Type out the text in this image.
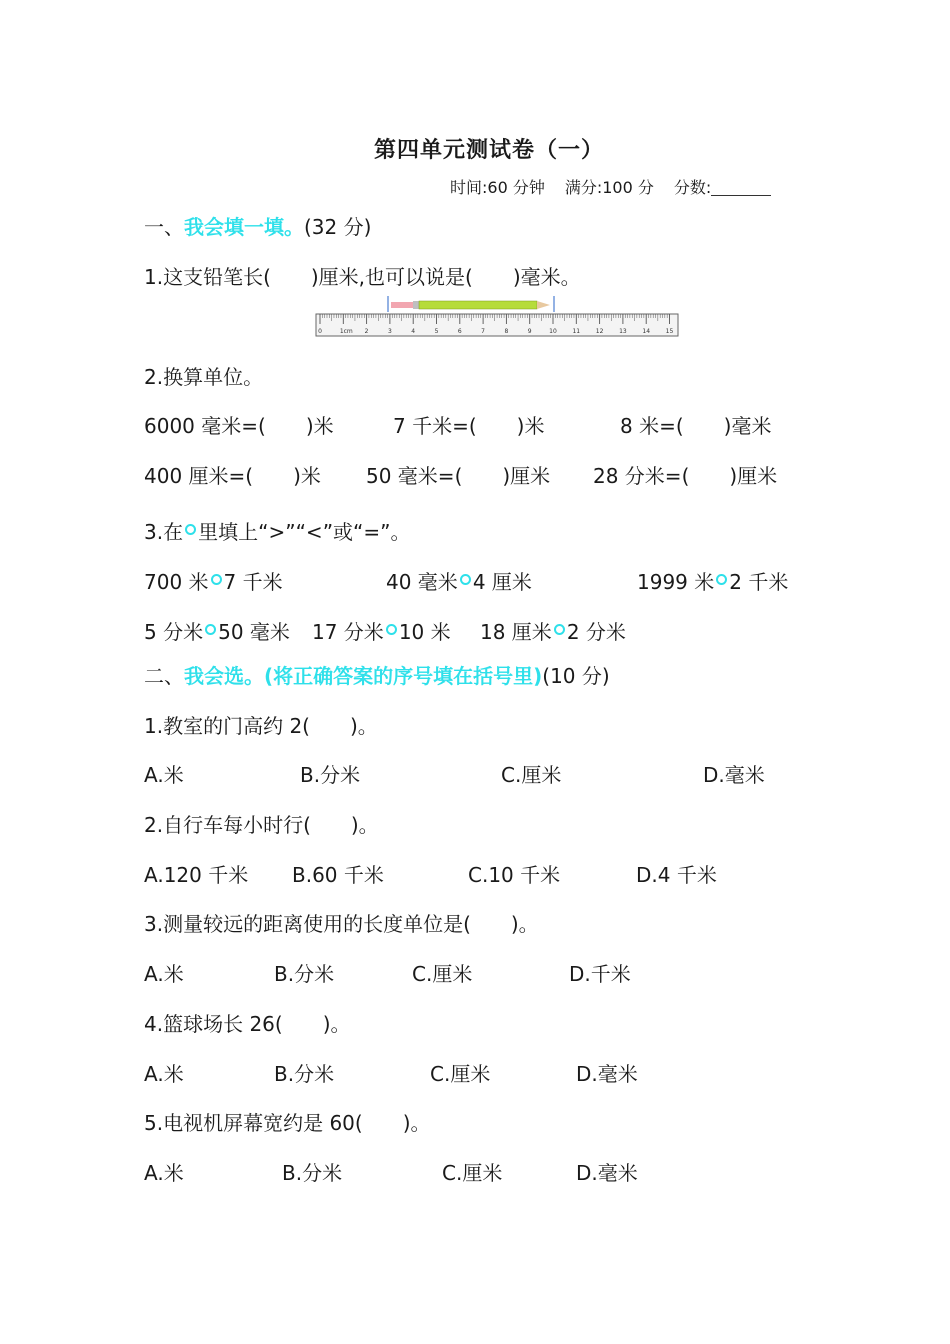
第四单元测试卷（一）
时间:60 分钟 满分:100 分 分数:
一、我会填一填。(32 分)
1.这支铅笔长(　　)厘米,也可以说是(　　)毫米。
0	1cm 2	3	4	5	6	7	8	9	10	11	12	13	14	15
2.换算单位。
6000 毫米=(　　)米	7 千米=(　　)米	8 米=(　　)毫米
400 厘米=(　　)米 50 毫米=(　　)厘米 28 分米=(　　)厘米
3.在 里填上“>”“<”或“=”。
700 米 7 千米	40 毫米 4 厘米	1999 米 2 千米
5 分米 50 毫米 17 分米 10 米 18 厘米 2 分米
二、我会选。(将正确答案的序号填在括号里)(10 分)
1.教室的门高约 2(　　)。
A.米	B.分米	C.厘米	D.毫米
2.自行车每小时行(　　)。
A.120 千米 B.60 千米	C.10 千米	D.4 千米
3.测量较远的距离使用的长度单位是(　　)。
A.米	B.分米	C.厘米	D.千米
4.篮球场长 26(　　)。
A.米	B.分米	C.厘米	D.毫米
5.电视机屏幕宽约是 60(　　)。
A.米	B.分米	C.厘米	D.毫米
